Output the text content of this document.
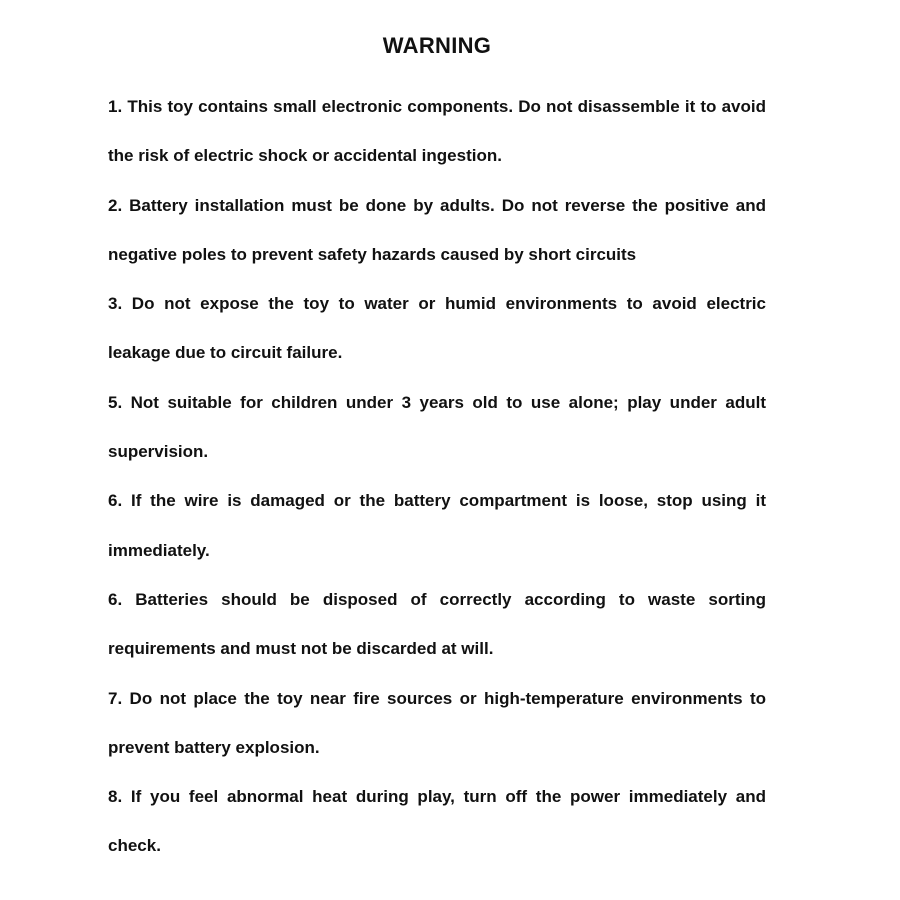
WARNING

1. This toy contains small electronic components. Do not disassemble it to avoid the risk of electric shock or accidental ingestion.

2. Battery installation must be done by adults. Do not reverse the positive and negative poles to prevent safety hazards caused by short circuits

3. Do not expose the toy to water or humid environments to avoid electric leakage due to circuit failure.

5. Not suitable for children under 3 years old to use alone; play under adult supervision.

6. If the wire is damaged or the battery compartment is loose, stop using it immediately.

6. Batteries should be disposed of correctly according to waste sorting requirements and must not be discarded at will.

7. Do not place the toy near fire sources or high-temperature environments to prevent battery explosion.

8. If you feel abnormal heat during play, turn off the power immediately and check.
